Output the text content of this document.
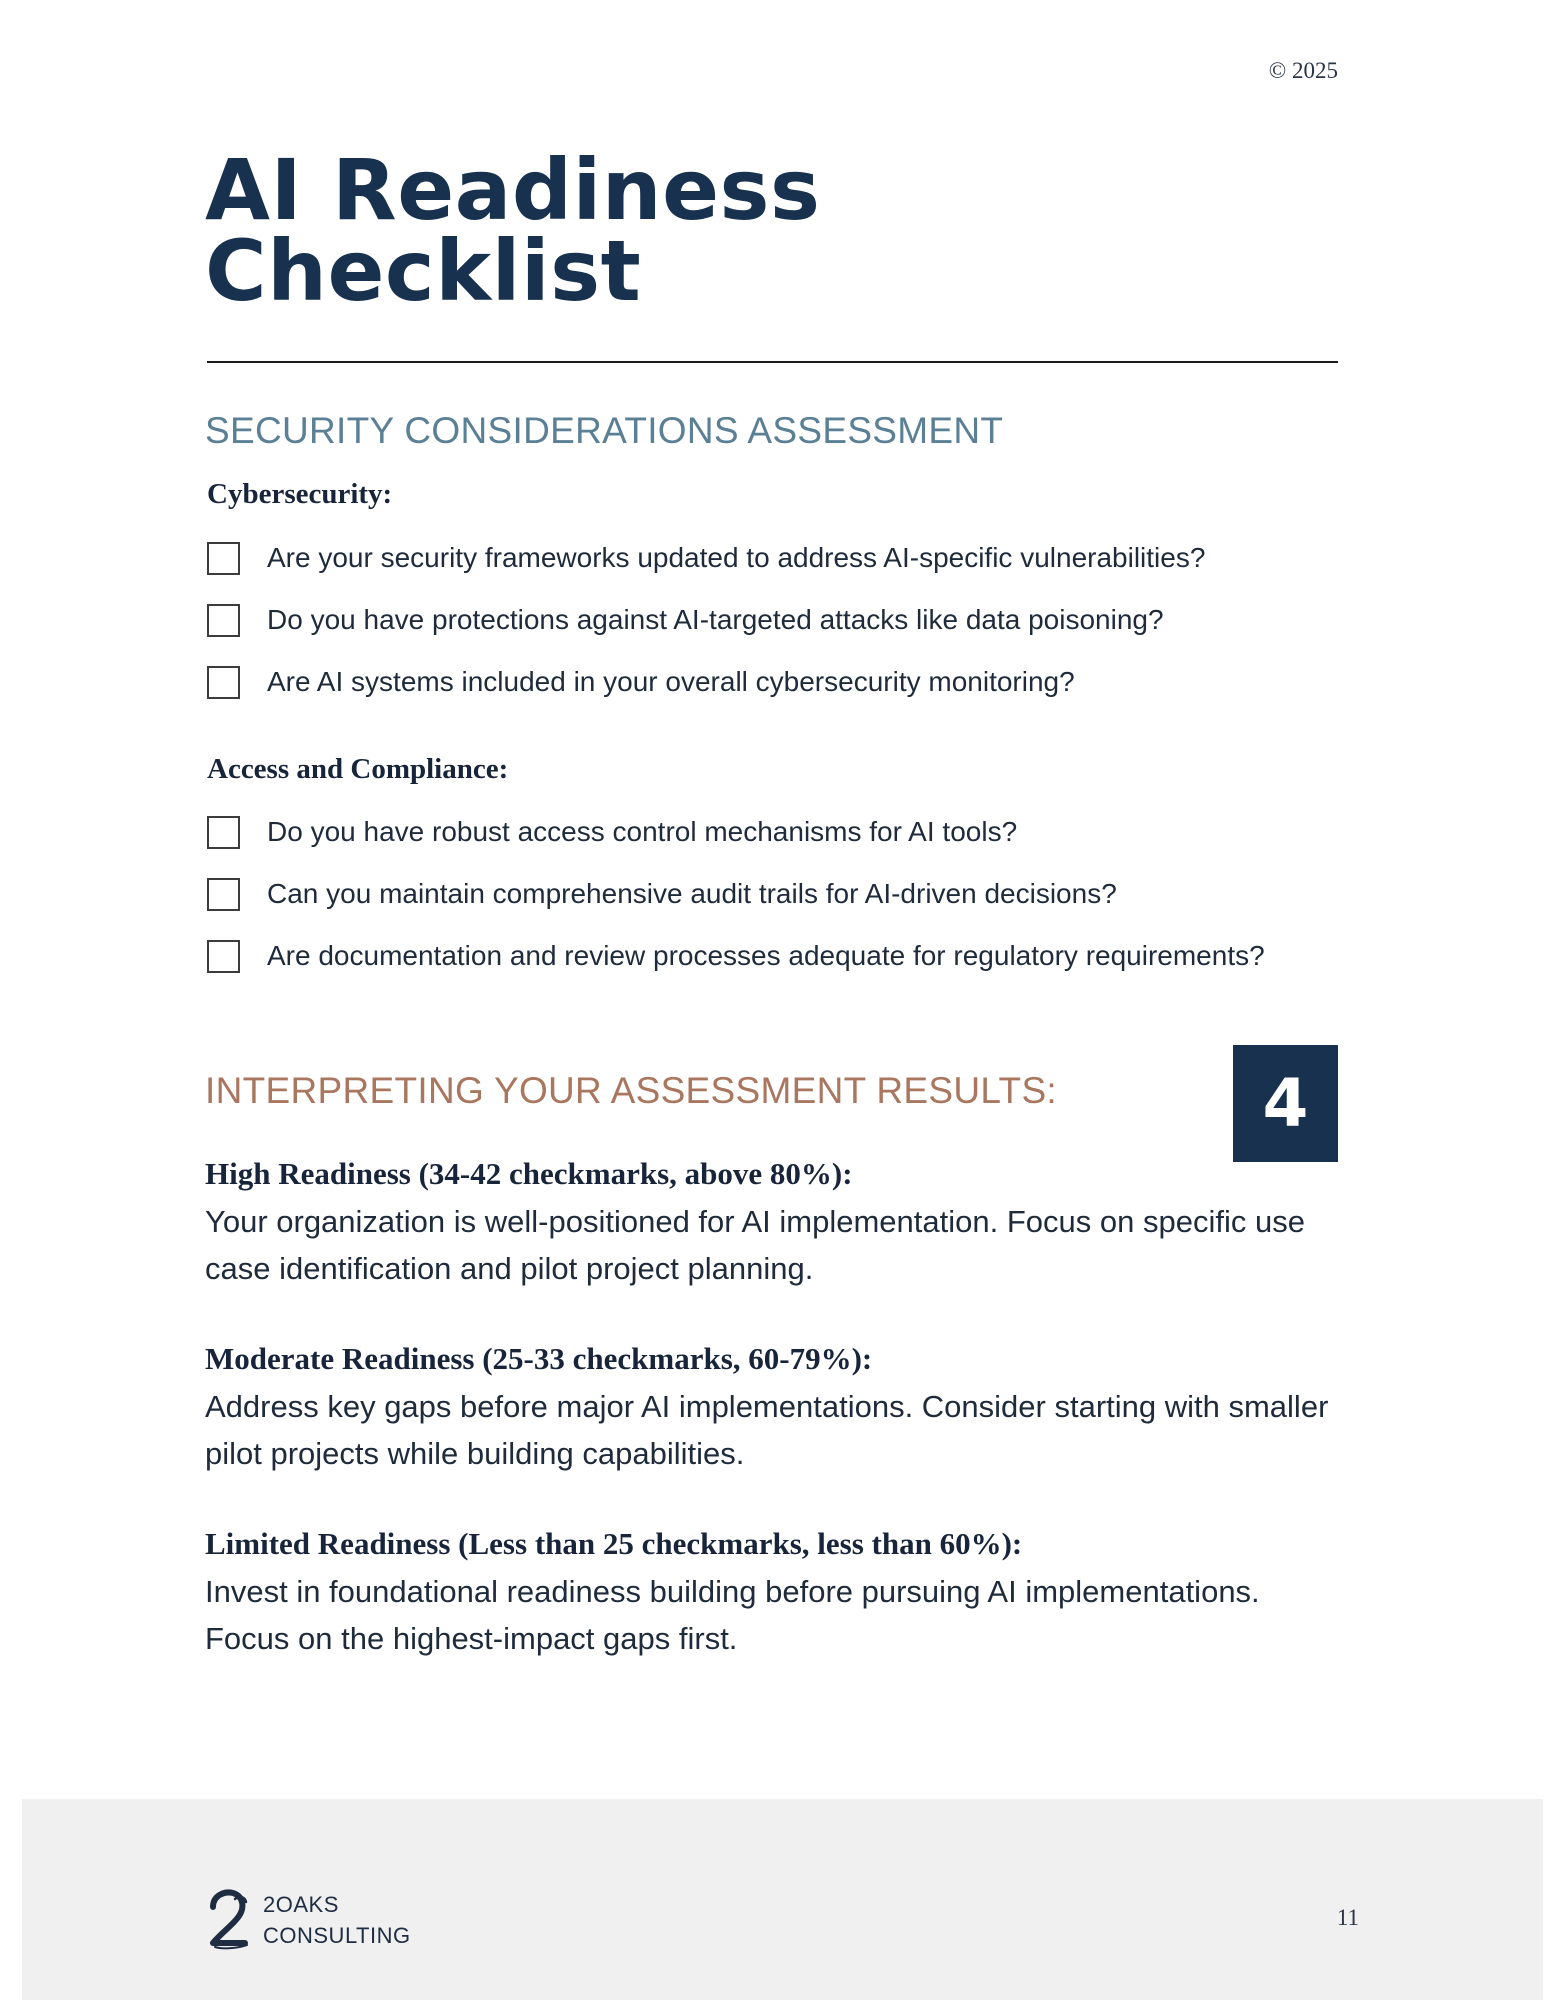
© 2025
AI Readiness
Checklist
SECURITY CONSIDERATIONS ASSESSMENT
Cybersecurity:
Are your security frameworks updated to address AI-specific vulnerabilities?
Do you have protections against AI-targeted attacks like data poisoning?
Are AI systems included in your overall cybersecurity monitoring?
Access and Compliance:
Do you have robust access control mechanisms for AI tools?
Can you maintain comprehensive audit trails for AI-driven decisions?
Are documentation and review processes adequate for regulatory requirements?
INTERPRETING YOUR ASSESSMENT RESULTS:	4

High Readiness (34-42 checkmarks, above 80%):

Your organization is well-positioned for AI implementation. Focus on specific use case identification and pilot project planning.

Moderate Readiness (25-33 checkmarks, 60-79%):

Address key gaps before major AI implementations. Consider starting with smaller pilot projects while building capabilities.

Limited Readiness (Less than 25 checkmarks, less than 60%):

Invest in foundational readiness building before pursuing AI implementations. Focus on the highest-impact gaps first.

2OAKS
CONSULTING
11
